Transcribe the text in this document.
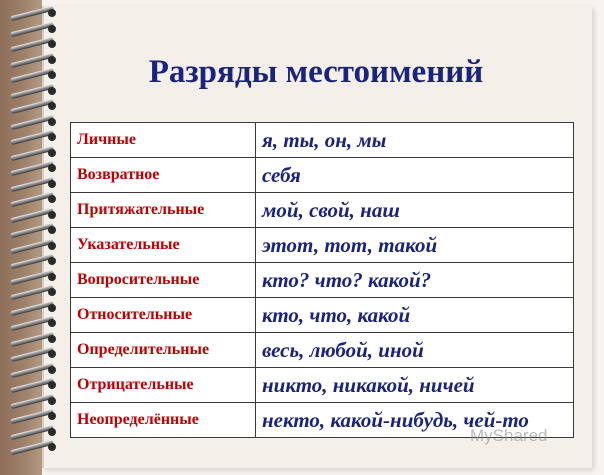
Разряды местоимений
Личные	я, ты, он, мы
Возвратное	себя
Притяжательные	мой, свой, наш
Указательные	этот, тот, такой
Вопросительные	кто? что? какой?
Относительные	кто, что, какой
Определительные	весь, любой, иной
Отрицательные	никто, никакой, ничей
Неопределённые	некто, какой-нибудь, чей-то
MyShared
